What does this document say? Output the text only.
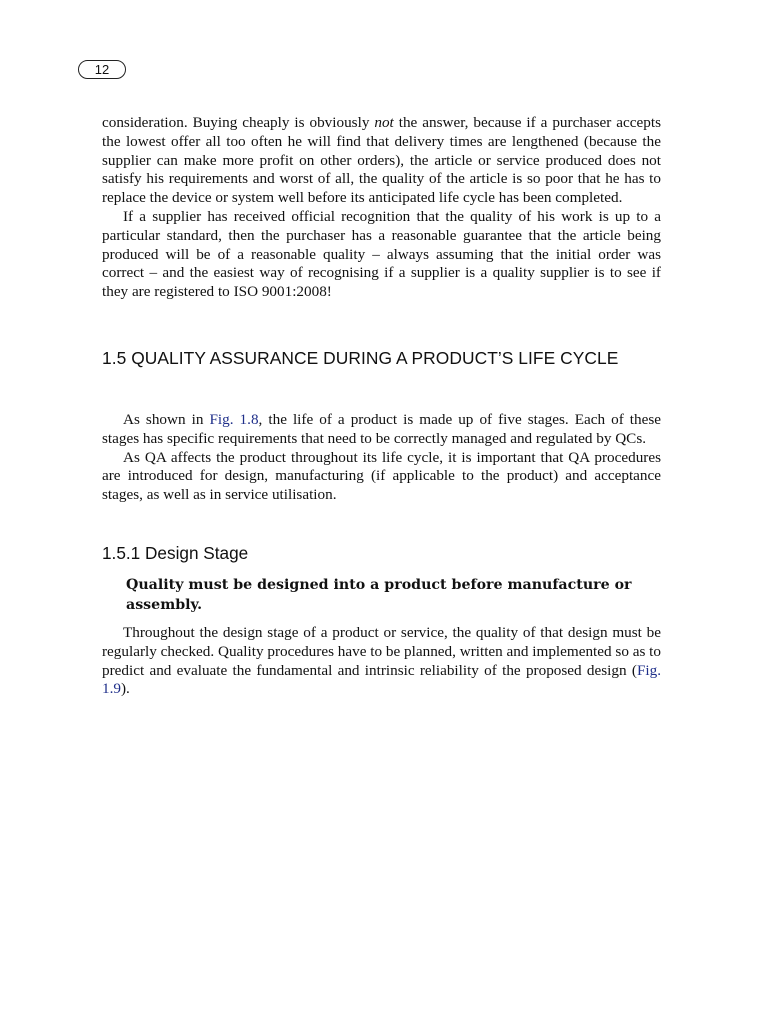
12

consideration. Buying cheaply is obviously not the answer, because if a purchaser accepts the lowest offer all too often he will find that delivery times are lengthened (because the supplier can make more profit on other orders), the article or service produced does not satisfy his requirements and worst of all, the quality of the article is so poor that he has to replace the device or system well before its anticipated life cycle has been completed.

If a supplier has received official recognition that the quality of his work is up to a particular standard, then the purchaser has a reasonable guarantee that the article being produced will be of a reasonable quality – always assuming that the initial order was correct – and the easiest way of recognising if a supplier is a quality supplier is to see if they are registered to ISO 9001:2008!

1.5 QUALITY ASSURANCE DURING A PRODUCT’S LIFE CYCLE

As shown in Fig. 1.8, the life of a product is made up of five stages. Each of these stages has specific requirements that need to be correctly managed and regulated by QCs.

As QA affects the product throughout its life cycle, it is important that QA procedures are introduced for design, manufacturing (if applicable to the product) and acceptance stages, as well as in service utilisation.

1.5.1 Design Stage

Quality must be designed into a product before manufacture or assembly.

Throughout the design stage of a product or service, the quality of that design must be regularly checked. Quality procedures have to be planned, written and implemented so as to predict and evaluate the fundamental and intrinsic reliability of the proposed design (Fig. 1.9).
